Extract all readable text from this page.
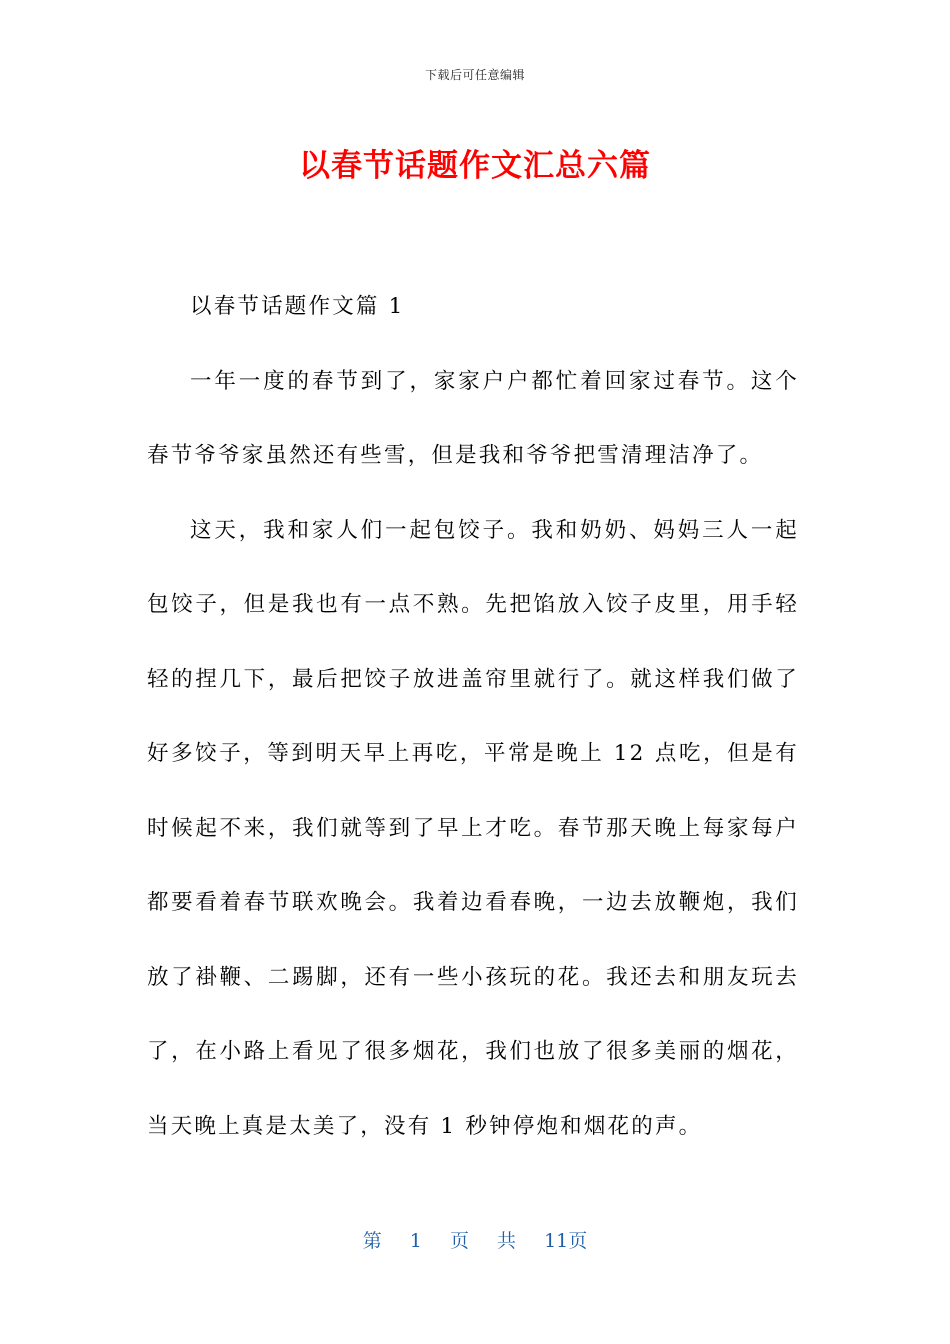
下载后可任意编辑
以春节话题作文汇总六篇

以春节话题作文篇 1

一年一度的春节到了，家家户户都忙着回家过春节。这个春节爷爷家虽然还有些雪，但是我和爷爷把雪清理洁净了。

这天，我和家人们一起包饺子。我和奶奶、妈妈三人一起包饺子，但是我也有一点不熟。先把馅放入饺子皮里，用手轻轻的捏几下，最后把饺子放进盖帘里就行了。就这样我们做了好多饺子，等到明天早上再吃，平常是晚上 12 点吃，但是有时候起不来，我们就等到了早上才吃。春节那天晚上每家每户都要看着春节联欢晚会。我着边看春晚，一边去放鞭炮，我们放了褂鞭、二踢脚，还有一些小孩玩的花。我还去和朋友玩去了，在小路上看见了很多烟花，我们也放了很多美丽的烟花，当天晚上真是太美了，没有 1 秒钟停炮和烟花的声。

第 1 页 共 11页
